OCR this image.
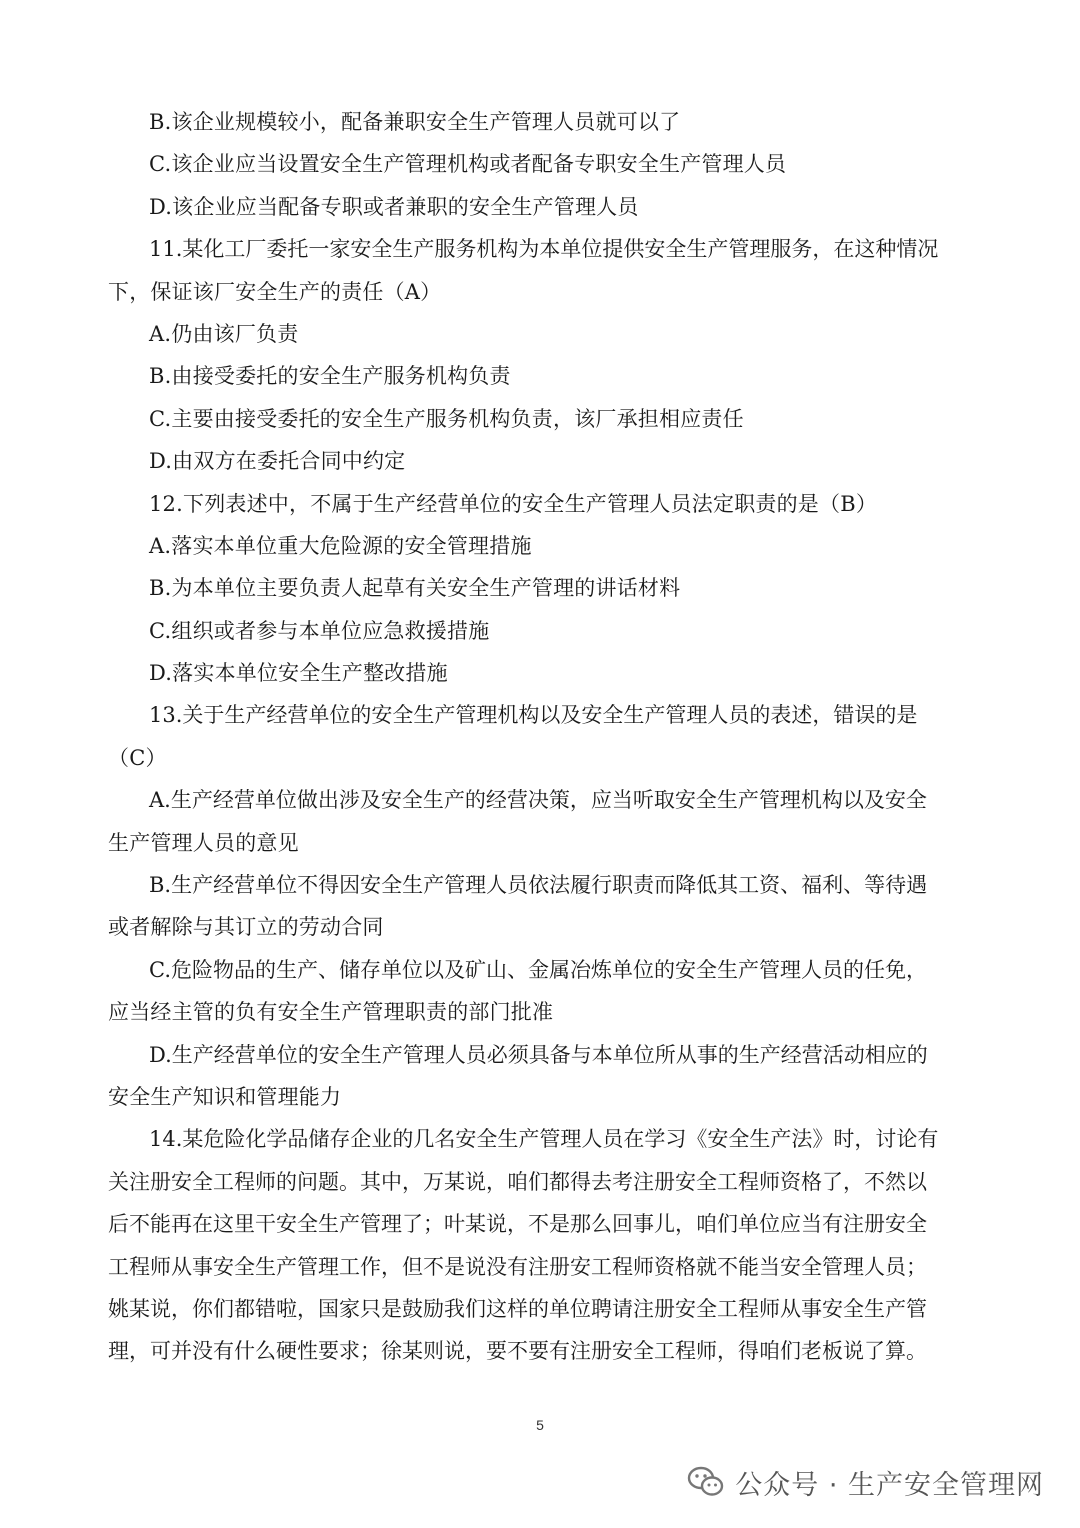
B.该企业规模较小，配备兼职安全生产管理人员就可以了
C.该企业应当设置安全生产管理机构或者配备专职安全生产管理人员
D.该企业应当配备专职或者兼职的安全生产管理人员
11.某化工厂委托一家安全生产服务机构为本单位提供安全生产管理服务，在这种情况
下，保证该厂安全生产的责任（A）
A.仍由该厂负责
B.由接受委托的安全生产服务机构负责
C.主要由接受委托的安全生产服务机构负责，该厂承担相应责任
D.由双方在委托合同中约定
12.下列表述中，不属于生产经营单位的安全生产管理人员法定职责的是（B）
A.落实本单位重大危险源的安全管理措施
B.为本单位主要负责人起草有关安全生产管理的讲话材料
C.组织或者参与本单位应急救援措施
D.落实本单位安全生产整改措施
13.关于生产经营单位的安全生产管理机构以及安全生产管理人员的表述，错误的是
（C）
A.生产经营单位做出涉及安全生产的经营决策，应当听取安全生产管理机构以及安全
生产管理人员的意见
B.生产经营单位不得因安全生产管理人员依法履行职责而降低其工资、福利、等待遇
或者解除与其订立的劳动合同
C.危险物品的生产、储存单位以及矿山、金属冶炼单位的安全生产管理人员的任免，
应当经主管的负有安全生产管理职责的部门批准
D.生产经营单位的安全生产管理人员必须具备与本单位所从事的生产经营活动相应的
安全生产知识和管理能力
14.某危险化学品储存企业的几名安全生产管理人员在学习《安全生产法》时，讨论有
关注册安全工程师的问题。其中，万某说，咱们都得去考注册安全工程师资格了，不然以
后不能再在这里干安全生产管理了；叶某说，不是那么回事儿，咱们单位应当有注册安全
工程师从事安全生产管理工作，但不是说没有注册安工程师资格就不能当安全管理人员；
姚某说，你们都错啦，国家只是鼓励我们这样的单位聘请注册安全工程师从事安全生产管
理，可并没有什么硬性要求；徐某则说，要不要有注册安全工程师，得咱们老板说了算。
5
公众号 · 生产安全管理网
